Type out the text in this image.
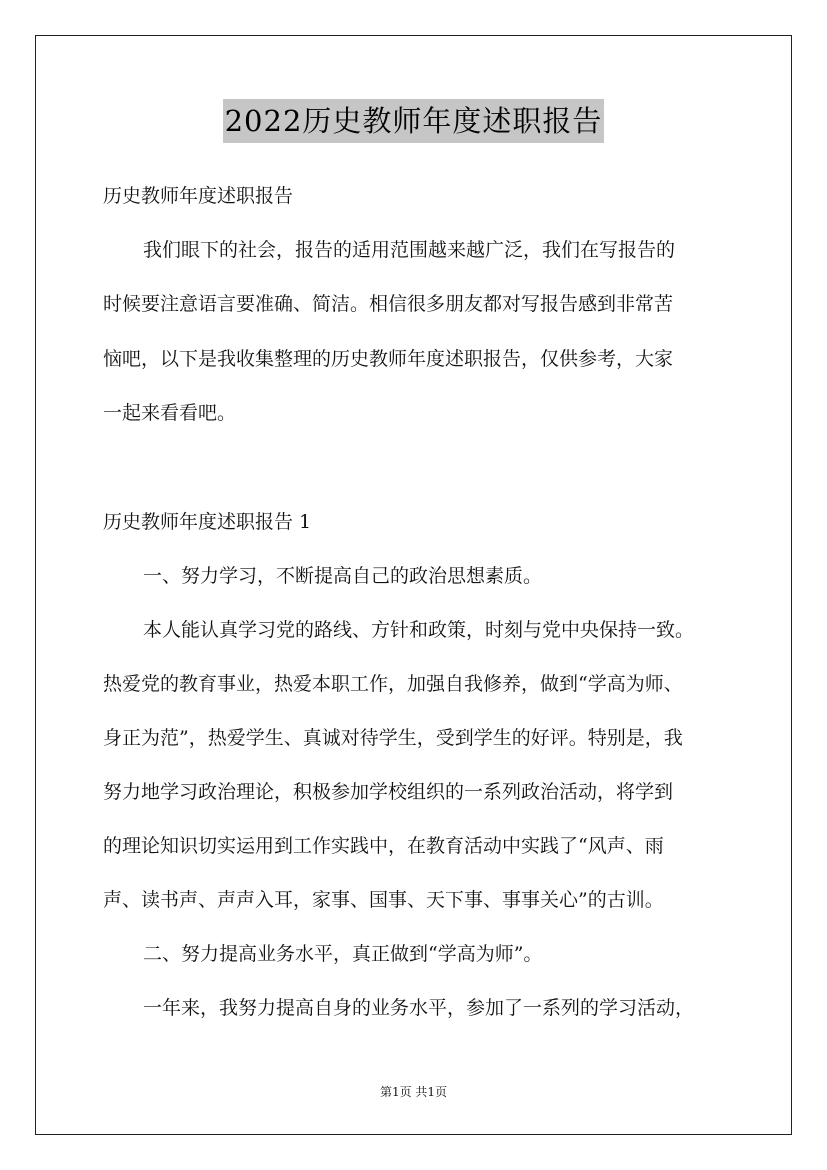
2022历史教师年度述职报告
历史教师年度述职报告
我们眼下的社会，报告的适用范围越来越广泛，我们在写报告的
时候要注意语言要准确、简洁。相信很多朋友都对写报告感到非常苦
恼吧，以下是我收集整理的历史教师年度述职报告，仅供参考，大家
一起来看看吧。
历史教师年度述职报告 1
一、努力学习，不断提高自己的政治思想素质。
本人能认真学习党的路线、方针和政策，时刻与党中央保持一致。
热爱党的教育事业，热爱本职工作，加强自我修养，做到“学高为师、
身正为范”，热爱学生、真诚对待学生，受到学生的好评。特别是，我
努力地学习政治理论，积极参加学校组织的一系列政治活动，将学到
的理论知识切实运用到工作实践中，在教育活动中实践了“风声、雨
声、读书声、声声入耳，家事、国事、天下事、事事关心”的古训。
二、努力提高业务水平，真正做到“学高为师”。
一年来，我努力提高自身的业务水平，参加了一系列的学习活动，
第1页 共1页
